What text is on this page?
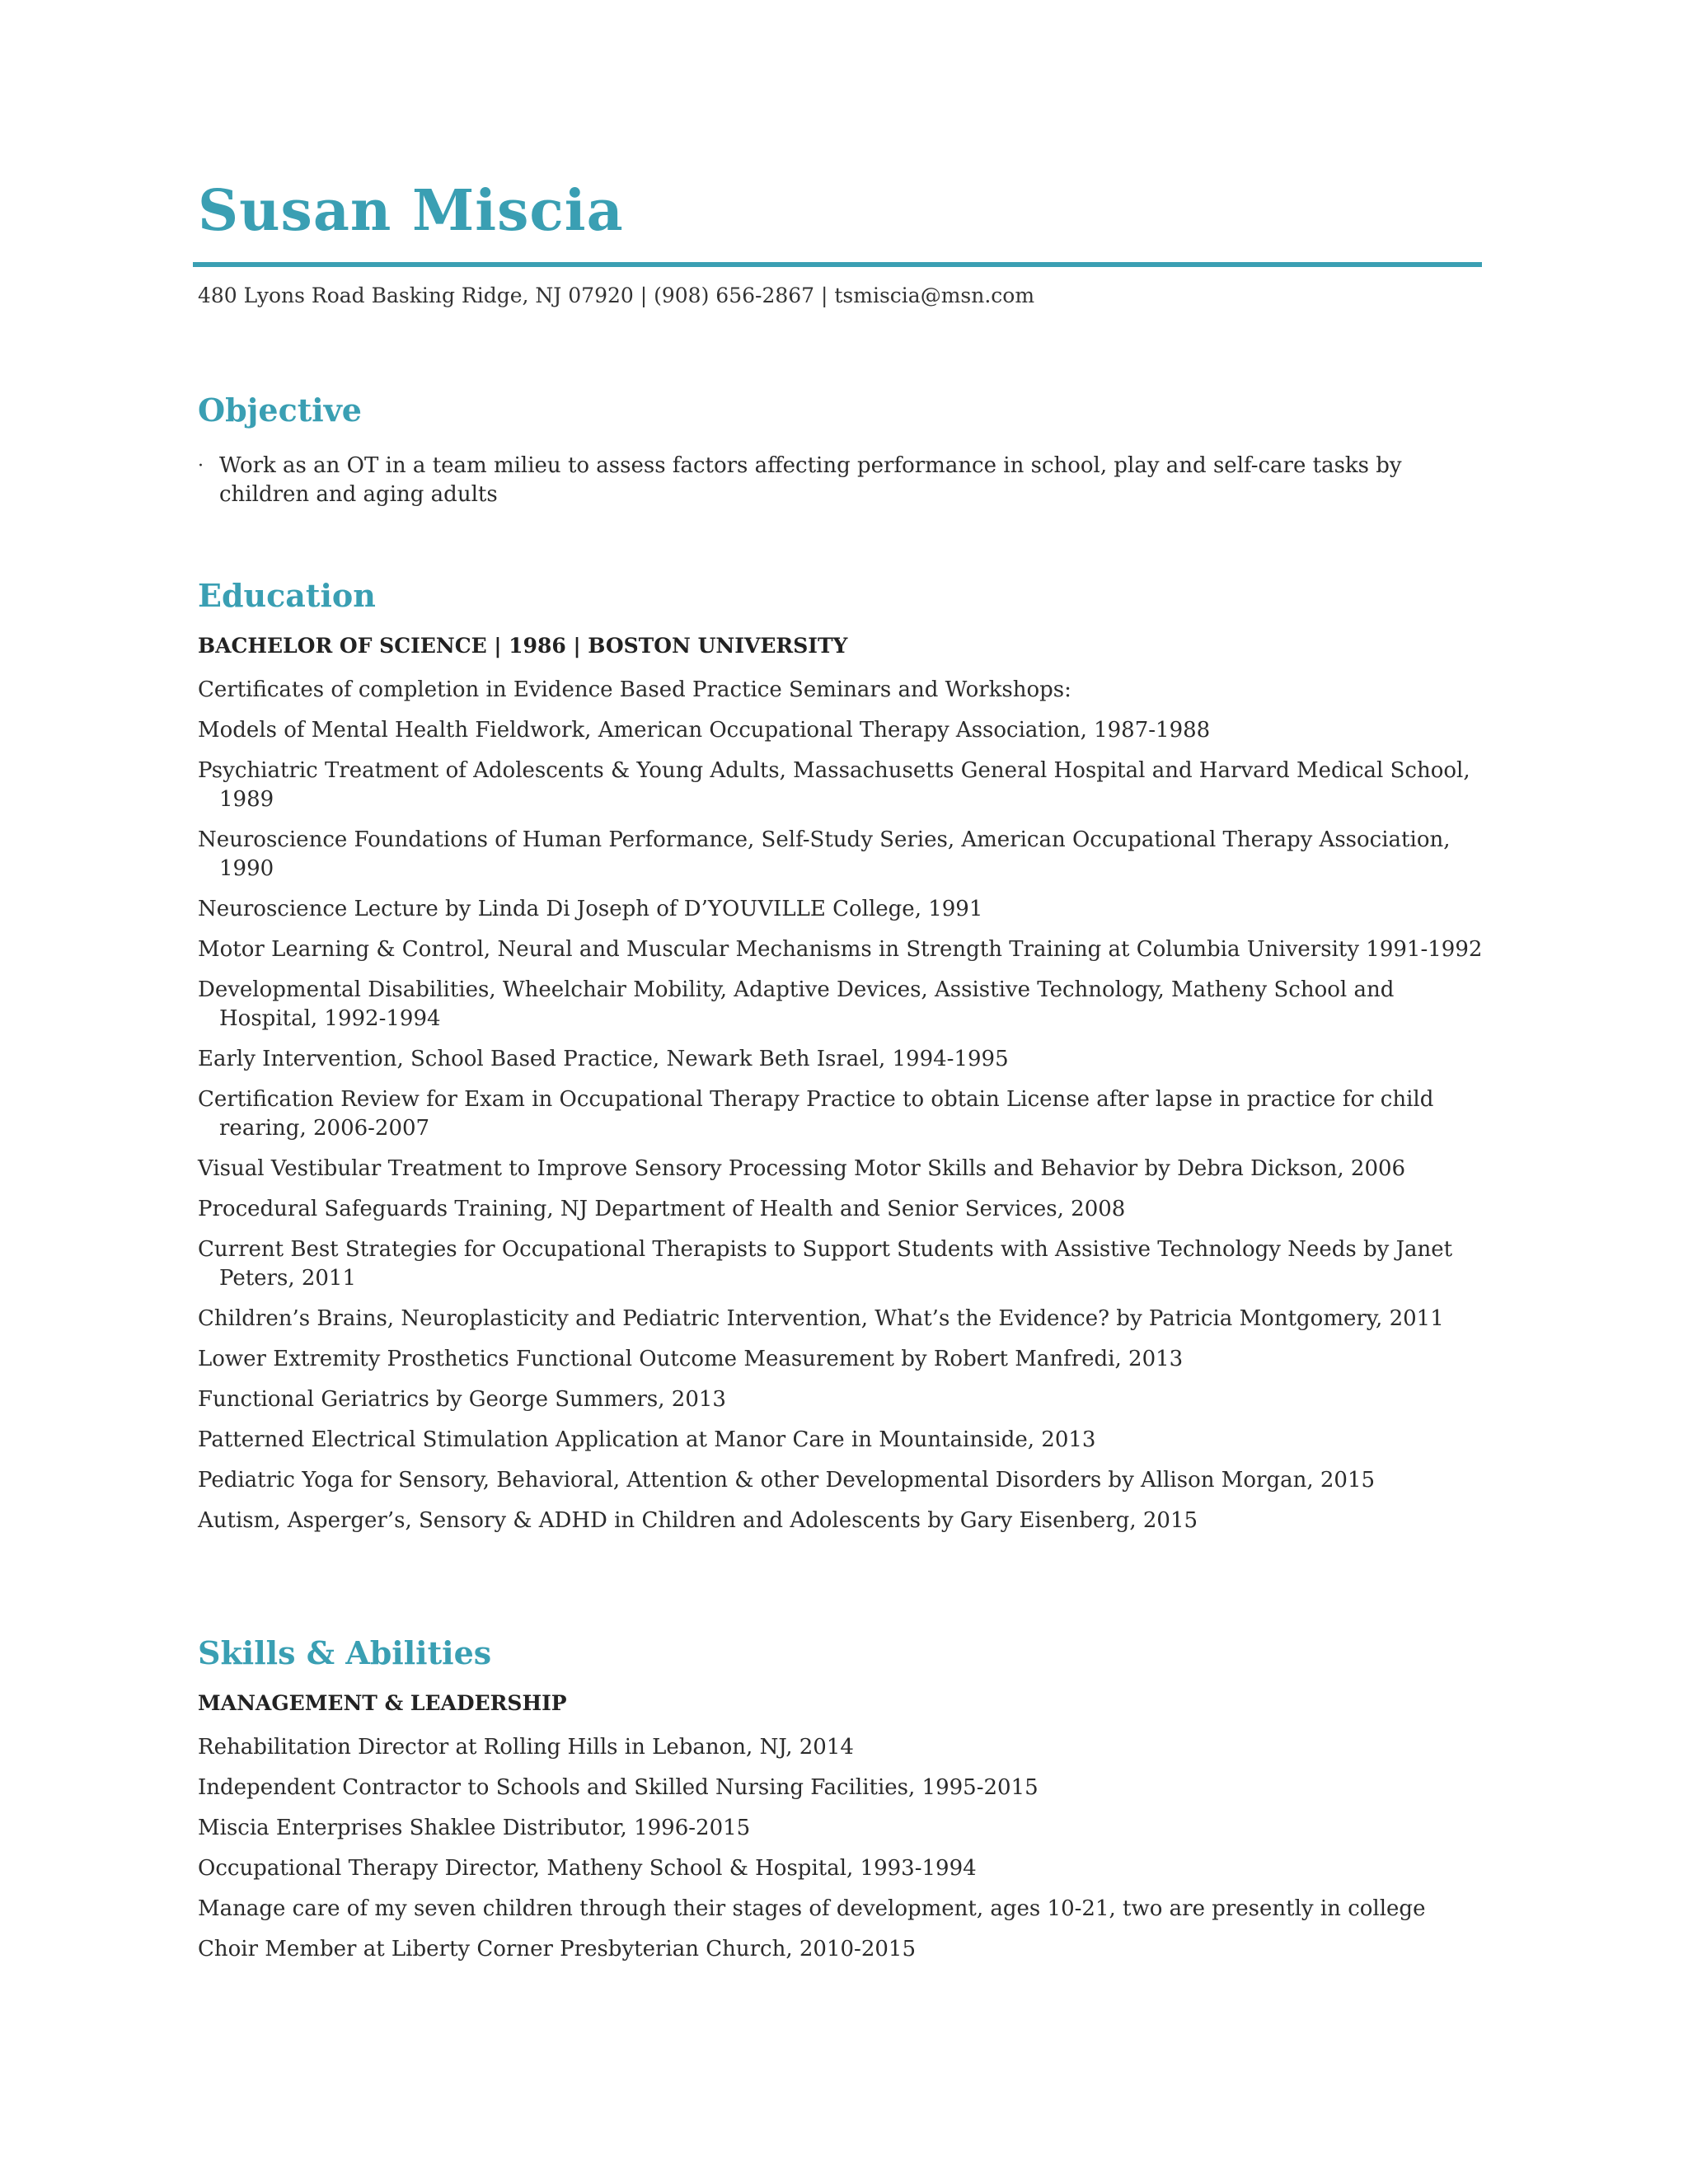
Susan Miscia
480 Lyons Road Basking Ridge, NJ 07920 | (908) 656-2867 | tsmiscia@msn.com
Objective
· Work as an OT in a team milieu to assess factors affecting performance in school, play and self-care tasks by children and aging adults
Education

BACHELOR OF SCIENCE | 1986 | BOSTON UNIVERSITY

Certificates of completion in Evidence Based Practice Seminars and Workshops:
Models of Mental Health Fieldwork, American Occupational Therapy Association, 1987-1988
Psychiatric Treatment of Adolescents & Young Adults, Massachusetts General Hospital and Harvard Medical School, 1989
Neuroscience Foundations of Human Performance, Self-Study Series, American Occupational Therapy Association, 1990
Neuroscience Lecture by Linda Di Joseph of D’YOUVILLE College, 1991
Motor Learning & Control, Neural and Muscular Mechanisms in Strength Training at Columbia University 1991-1992
Developmental Disabilities, Wheelchair Mobility, Adaptive Devices, Assistive Technology, Matheny School and Hospital, 1992-1994
Early Intervention, School Based Practice, Newark Beth Israel, 1994-1995
Certification Review for Exam in Occupational Therapy Practice to obtain License after lapse in practice for child rearing, 2006-2007
Visual Vestibular Treatment to Improve Sensory Processing Motor Skills and Behavior by Debra Dickson, 2006
Procedural Safeguards Training, NJ Department of Health and Senior Services, 2008
Current Best Strategies for Occupational Therapists to Support Students with Assistive Technology Needs by Janet Peters, 2011
Children’s Brains, Neuroplasticity and Pediatric Intervention, What’s the Evidence? by Patricia Montgomery, 2011
Lower Extremity Prosthetics Functional Outcome Measurement by Robert Manfredi, 2013
Functional Geriatrics by George Summers, 2013
Patterned Electrical Stimulation Application at Manor Care in Mountainside, 2013
Pediatric Yoga for Sensory, Behavioral, Attention & other Developmental Disorders by Allison Morgan, 2015
Autism, Asperger’s, Sensory & ADHD in Children and Adolescents by Gary Eisenberg, 2015
Skills & Abilities

MANAGEMENT & LEADERSHIP

Rehabilitation Director at Rolling Hills in Lebanon, NJ, 2014
Independent Contractor to Schools and Skilled Nursing Facilities, 1995-2015
Miscia Enterprises Shaklee Distributor, 1996-2015
Occupational Therapy Director, Matheny School & Hospital, 1993-1994
Manage care of my seven children through their stages of development, ages 10-21, two are presently in college
Choir Member at Liberty Corner Presbyterian Church, 2010-2015
